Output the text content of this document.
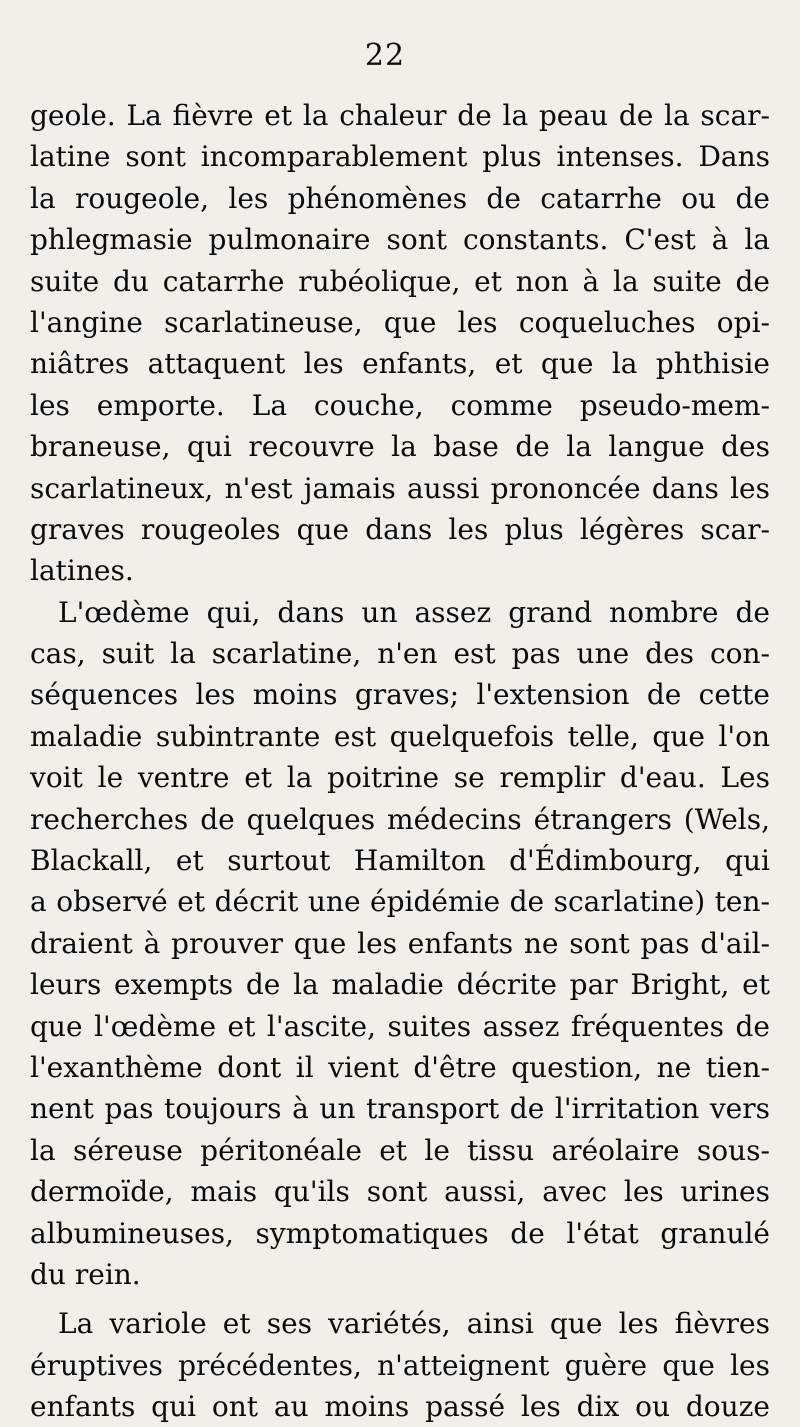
22
geole. La fièvre et la chaleur de la peau de la scar-
latine sont incomparablement plus intenses. Dans
la rougeole, les phénomènes de catarrhe ou de
phlegmasie pulmonaire sont constants. C'est à la
suite du catarrhe rubéolique, et non à la suite de
l'angine scarlatineuse, que les coqueluches opi-
niâtres attaquent les enfants, et que la phthisie
les emporte. La couche, comme pseudo-mem-
braneuse, qui recouvre la base de la langue des
scarlatineux, n'est jamais aussi prononcée dans les
graves rougeoles que dans les plus légères scar-
latines.
L'œdème qui, dans un assez grand nombre de
cas, suit la scarlatine, n'en est pas une des con-
séquences les moins graves; l'extension de cette
maladie subintrante est quelquefois telle, que l'on
voit le ventre et la poitrine se remplir d'eau. Les
recherches de quelques médecins étrangers (Wels,
Blackall, et surtout Hamilton d'Édimbourg, qui
a observé et décrit une épidémie de scarlatine) ten-
draient à prouver que les enfants ne sont pas d'ail-
leurs exempts de la maladie décrite par Bright, et
que l'œdème et l'ascite, suites assez fréquentes de
l'exanthème dont il vient d'être question, ne tien-
nent pas toujours à un transport de l'irritation vers
la séreuse péritonéale et le tissu aréolaire sous-
dermoïde, mais qu'ils sont aussi, avec les urines
albumineuses, symptomatiques de l'état granulé
du rein.
La variole et ses variétés, ainsi que les fièvres
éruptives précédentes, n'atteignent guère que les
enfants qui ont au moins passé les dix ou douze
